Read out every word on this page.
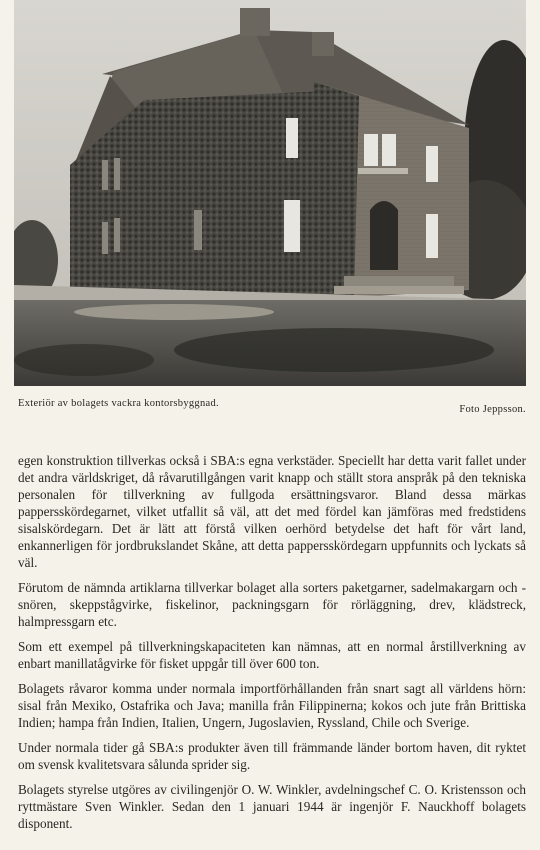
Exteriör av bolagets vackra kontorsbyggnad.
Foto Jeppsson.

egen konstruktion tillverkas också i SBA:s egna verkstäder. Speciellt har detta varit fallet under det andra världskriget, då råvarutillgången varit knapp och ställt stora anspråk på den tekniska personalen för tillverkning av fullgoda ersättningsvaror. Bland dessa märkas pappersskördegarnet, vilket utfallit så väl, att det med fördel kan jämföras med fredstidens sisalskördegarn. Det är lätt att förstå vilken oerhörd betydelse det haft för vårt land, enkannerligen för jordbrukslandet Skåne, att detta pappersskördegarn uppfunnits och lyckats så väl.

Förutom de nämnda artiklarna tillverkar bolaget alla sorters paketgarner, sadelmakargarn och -snören, skeppstågvirke, fiskelinor, packningsgarn för rörläggning, drev, klädstreck, halmpressgarn etc.

Som ett exempel på tillverkningskapaciteten kan nämnas, att en normal årstillverkning av enbart manillatågvirke för fisket uppgår till över 600 ton.

Bolagets råvaror komma under normala importförhållanden från snart sagt all världens hörn: sisal från Mexiko, Ostafrika och Java; manilla från Filippinerna; kokos och jute från Brittiska Indien; hampa från Indien, Italien, Ungern, Jugoslavien, Ryssland, Chile och Sverige.

Under normala tider gå SBA:s produkter även till främmande länder bortom haven, dit ryktet om svensk kvalitetsvara sålunda sprider sig.

Bolagets styrelse utgöres av civilingenjör O. W. Winkler, avdelningschef C. O. Kristensson och ryttmästare Sven Winkler. Sedan den 1 januari 1944 är ingenjör F. Nauckhoff bolagets disponent.
